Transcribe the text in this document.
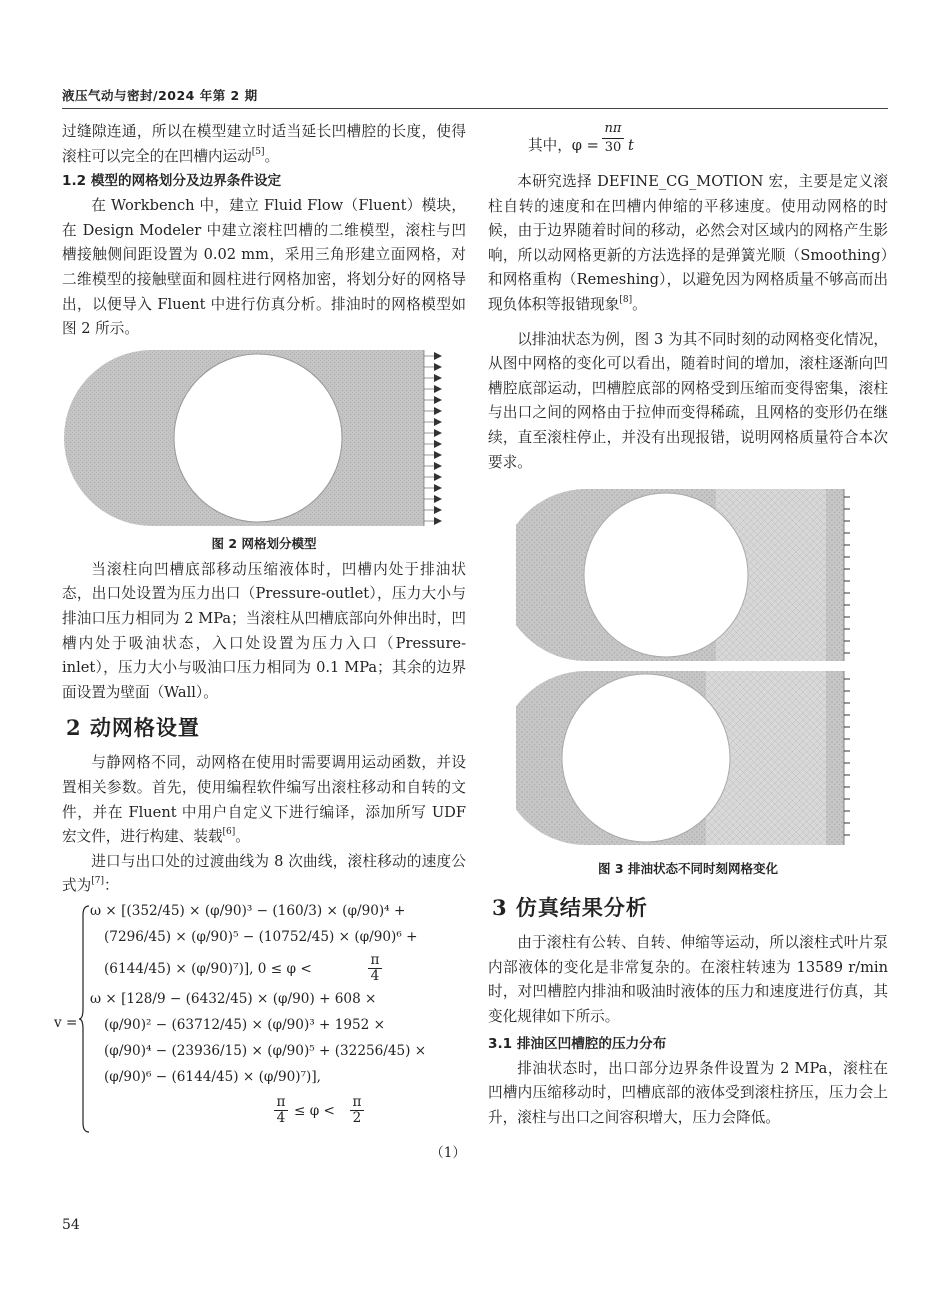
液压气动与密封/2024 年第 2 期

过缝隙连通，所以在模型建立时适当延长凹槽腔的长度，使得滚柱可以完全的在凹槽内运动[5]。

1.2 模型的网格划分及边界条件设定

在 Workbench 中，建立 Fluid Flow（Fluent）模块，在 Design Modeler 中建立滚柱凹槽的二维模型，滚柱与凹槽接触侧间距设置为 0.02 mm，采用三角形建立面网格，对二维模型的接触壁面和圆柱进行网格加密，将划分好的网格导出，以便导入 Fluent 中进行仿真分析。排油时的网格模型如图 2 所示。

图 2 网格划分模型

当滚柱向凹槽底部移动压缩液体时，凹槽内处于排油状态，出口处设置为压力出口（Pressure-outlet），压力大小与排油口压力相同为 2 MPa；当滚柱从凹槽底部向外伸出时，凹槽内处于吸油状态，入口处设置为压力入口（Pressure-inlet），压力大小与吸油口压力相同为 0.1 MPa；其余的边界面设置为壁面（Wall）。

2 动网格设置

与静网格不同，动网格在使用时需要调用运动函数，并设置相关参数。首先，使用编程软件编写出滚柱移动和自转的文件，并在 Fluent 中用户自定义下进行编译，添加所写 UDF 宏文件，进行构建、装载[6]。

进口与出口处的过渡曲线为 8 次曲线，滚柱移动的速度公式为[7]：

v =
ω × [(352/45) × (φ/90)³ − (160/3) × (φ/90)⁴ +
(7296/45) × (φ/90)⁵ − (10752/45) × (φ/90)⁶ +
(6144/45) × (φ/90)⁷)], 0 ≤ φ <
π
4
ω × [128/9 − (6432/45) × (φ/90) + 608 ×
(φ/90)² − (63712/45) × (φ/90)³ + 1952 ×
(φ/90)⁴ − (23936/15) × (φ/90)⁵ + (32256/45) ×
(φ/90)⁶ − (6144/45) × (φ/90)⁷)],
π
4 ≤ φ <
π
2
（1）
其中，φ =
nπ
30 t

本研究选择 DEFINE_CG_MOTION 宏，主要是定义滚柱自转的速度和在凹槽内伸缩的平移速度。使用动网格的时候，由于边界随着时间的移动，必然会对区域内的网格产生影响，所以动网格更新的方法选择的是弹簧光顺（Smoothing）和网格重构（Remeshing），以避免因为网格质量不够高而出现负体积等报错现象[8]。

以排油状态为例，图 3 为其不同时刻的动网格变化情况，从图中网格的变化可以看出，随着时间的增加，滚柱逐渐向凹槽腔底部运动，凹槽腔底部的网格受到压缩而变得密集，滚柱与出口之间的网格由于拉伸而变得稀疏，且网格的变形仍在继续，直至滚柱停止，并没有出现报错，说明网格质量符合本次要求。

图 3 排油状态不同时刻网格变化
3 仿真结果分析

由于滚柱有公转、自转、伸缩等运动，所以滚柱式叶片泵内部液体的变化是非常复杂的。在滚柱转速为 13589 r/min 时，对凹槽腔内排油和吸油时液体的压力和速度进行仿真，其变化规律如下所示。

3.1 排油区凹槽腔的压力分布

排油状态时，出口部分边界条件设置为 2 MPa，滚柱在凹槽内压缩移动时，凹槽底部的液体受到滚柱挤压，压力会上升，滚柱与出口之间容积增大，压力会降低。

54
